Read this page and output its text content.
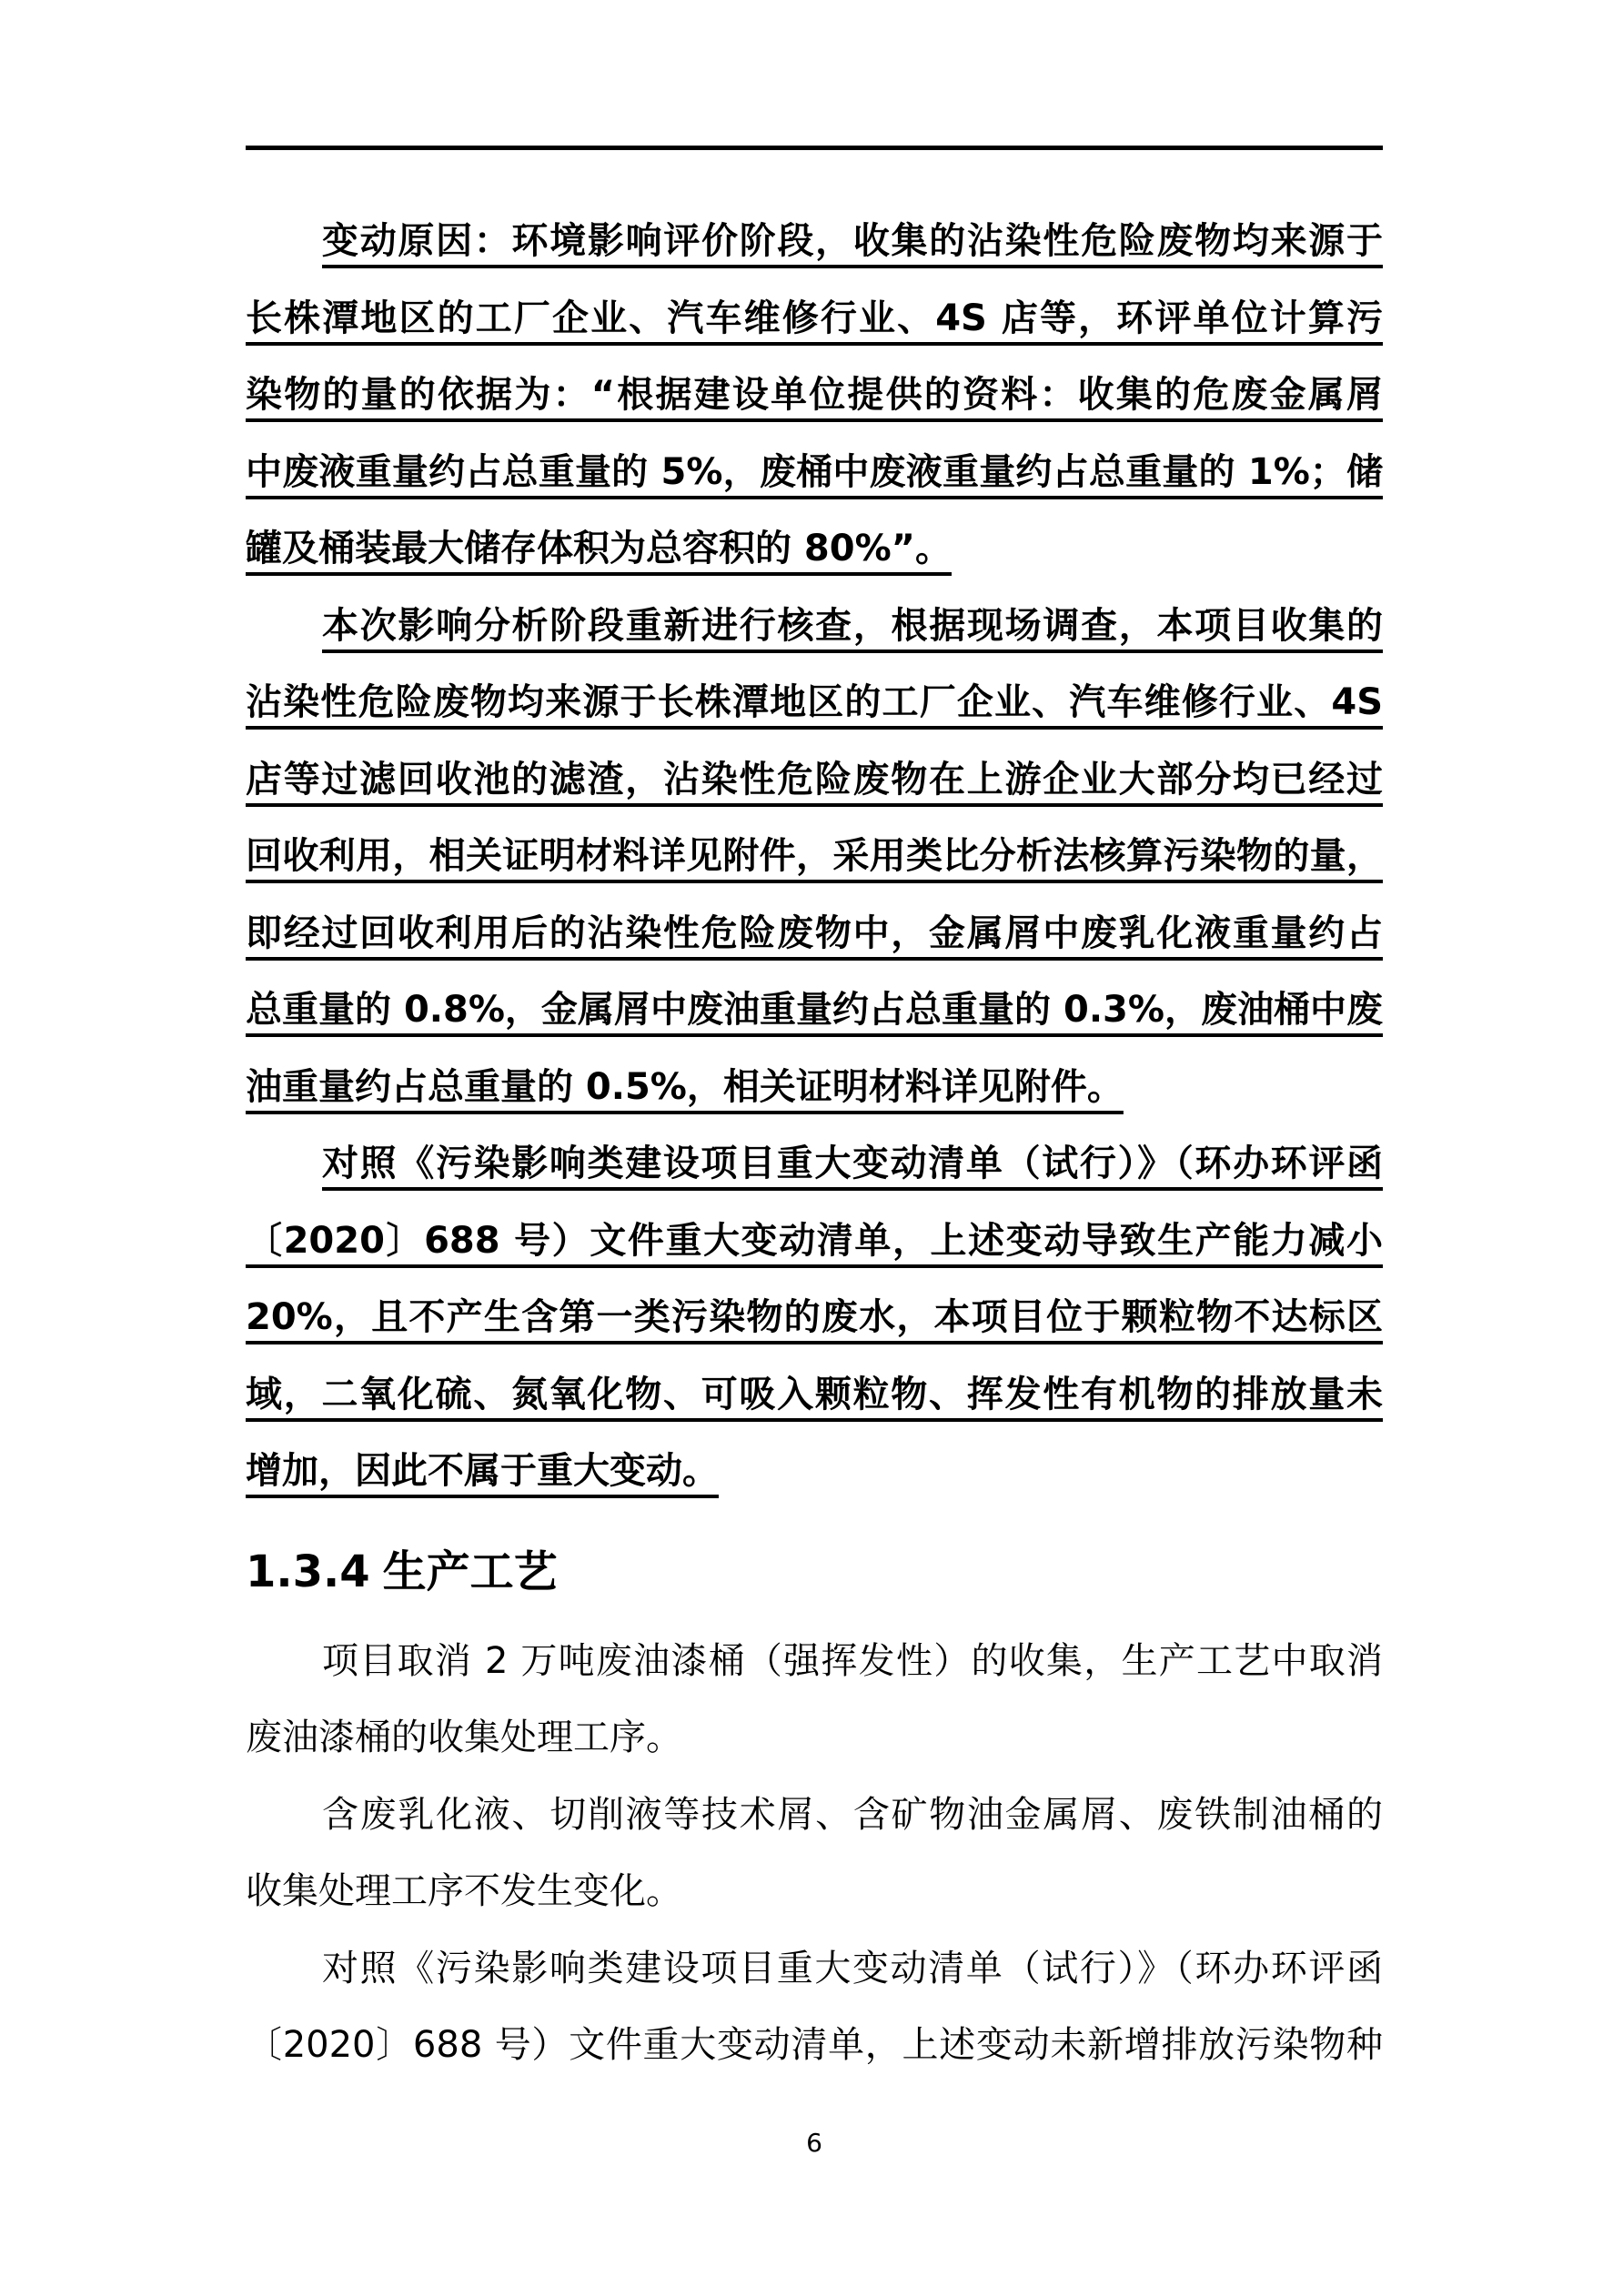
变动原因：环境影响评价阶段，收集的沾染性危险废物均来源于
长株潭地区的工厂企业、汽车维修行业、4S 店等，环评单位计算污
染物的量的依据为：“根据建设单位提供的资料：收集的危废金属屑
中废液重量约占总重量的 5%，废桶中废液重量约占总重量的 1%；储
罐及桶装最大储存体积为总容积的 80%”。
本次影响分析阶段重新进行核查，根据现场调查，本项目收集的
沾染性危险废物均来源于长株潭地区的工厂企业、汽车维修行业、4S
店等过滤回收池的滤渣，沾染性危险废物在上游企业大部分均已经过
回收利用，相关证明材料详见附件，采用类比分析法核算污染物的量，
即经过回收利用后的沾染性危险废物中，金属屑中废乳化液重量约占
总重量的 0.8%，金属屑中废油重量约占总重量的 0.3%，废油桶中废
油重量约占总重量的 0.5%，相关证明材料详见附件。
对照《污染影响类建设项目重大变动清单（试行）》（环办环评函
〔2020〕688 号）文件重大变动清单，上述变动导致生产能力减小
20%，且不产生含第一类污染物的废水，本项目位于颗粒物不达标区
域，二氧化硫、氮氧化物、可吸入颗粒物、挥发性有机物的排放量未
增加，因此不属于重大变动。
1.3.4 生产工艺
项目取消 2 万吨废油漆桶（强挥发性）的收集，生产工艺中取消
废油漆桶的收集处理工序。
含废乳化液、切削液等技术屑、含矿物油金属屑、废铁制油桶的
收集处理工序不发生变化。
对照《污染影响类建设项目重大变动清单（试行）》（环办环评函
〔2020〕688 号）文件重大变动清单，上述变动未新增排放污染物种
6
